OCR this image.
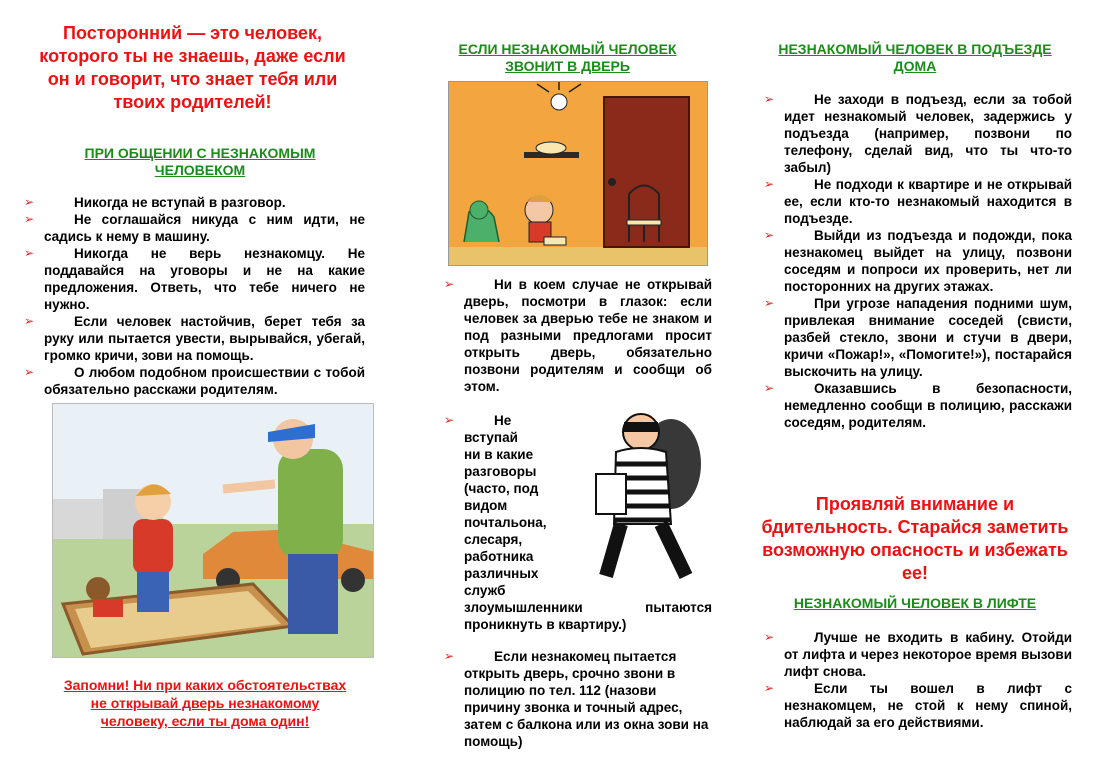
Посторонний — это человек, которого ты не знаешь, даже если он и говорит, что знает тебя или твоих родителей!
ПРИ ОБЩЕНИИ С НЕЗНАКОМЫМ ЧЕЛОВЕКОМ
➢	Никогда не вступай в разговор.
➢	Не соглашайся никуда с ним идти, не садись к нему в машину.
➢	Никогда не верь незнакомцу. Не поддавайся на уговоры и не на какие предложения. Ответь, что тебе ничего не нужно.
➢	Если человек настойчив, берет тебя за руку или пытается увести, вырывайся, убегай, громко кричи, зови на помощь.
➢	О любом подобном происшествии с тобой обязательно расскажи родителям.
Запомни! Ни при каких обстоятельствах не открывай дверь незнакомому человеку, если ты дома один!
ЕСЛИ НЕЗНАКОМЫЙ ЧЕЛОВЕК ЗВОНИТ В ДВЕРЬ
➢	Ни в коем случае не открывай дверь, посмотри в глазок: если человек за дверью тебе не знаком и под разными предлогами просит открыть дверь, обязательно позвони родителям и сообщи об этом.
➢	Не
вступай
ни в какие
разговоры
(часто, под
видом
почтальона,
слесаря,
работника
различных
служб
злоумышленники пытаются проникнуть в квартиру.)
➢	Если незнакомец пытается открыть дверь, срочно звони в полицию по тел. 112 (назови причину звонка и точный адрес, затем с балкона или из окна зови на помощь)
НЕЗНАКОМЫЙ ЧЕЛОВЕК В ПОДЪЕЗДЕ ДОМА
➢	Не заходи в подъезд, если за тобой идет незнакомый человек, задержись у подъезда (например, позвони по телефону, сделай вид, что ты что-то забыл)
➢	Не подходи к квартире и не открывай ее, если кто-то незнакомый находится в подъезде.
➢	Выйди из подъезда и подожди, пока незнакомец выйдет на улицу, позвони соседям и попроси их проверить, нет ли посторонних на других этажах.
➢	При угрозе нападения подними шум, привлекая внимание соседей (свисти, разбей стекло, звони и стучи в двери, кричи «Пожар!», «Помогите!»), постарайся выскочить на улицу.
➢	Оказавшись в безопасности, немедленно сообщи в полицию, расскажи соседям, родителям.
Проявляй внимание и бдительность. Старайся заметить возможную опасность и избежать ее!
НЕЗНАКОМЫЙ ЧЕЛОВЕК В ЛИФТЕ
➢	Лучше не входить в кабину. Отойди от лифта и через некоторое время вызови лифт снова.
➢	Если ты вошел в лифт с незнакомцем, не стой к нему спиной, наблюдай за его действиями.
